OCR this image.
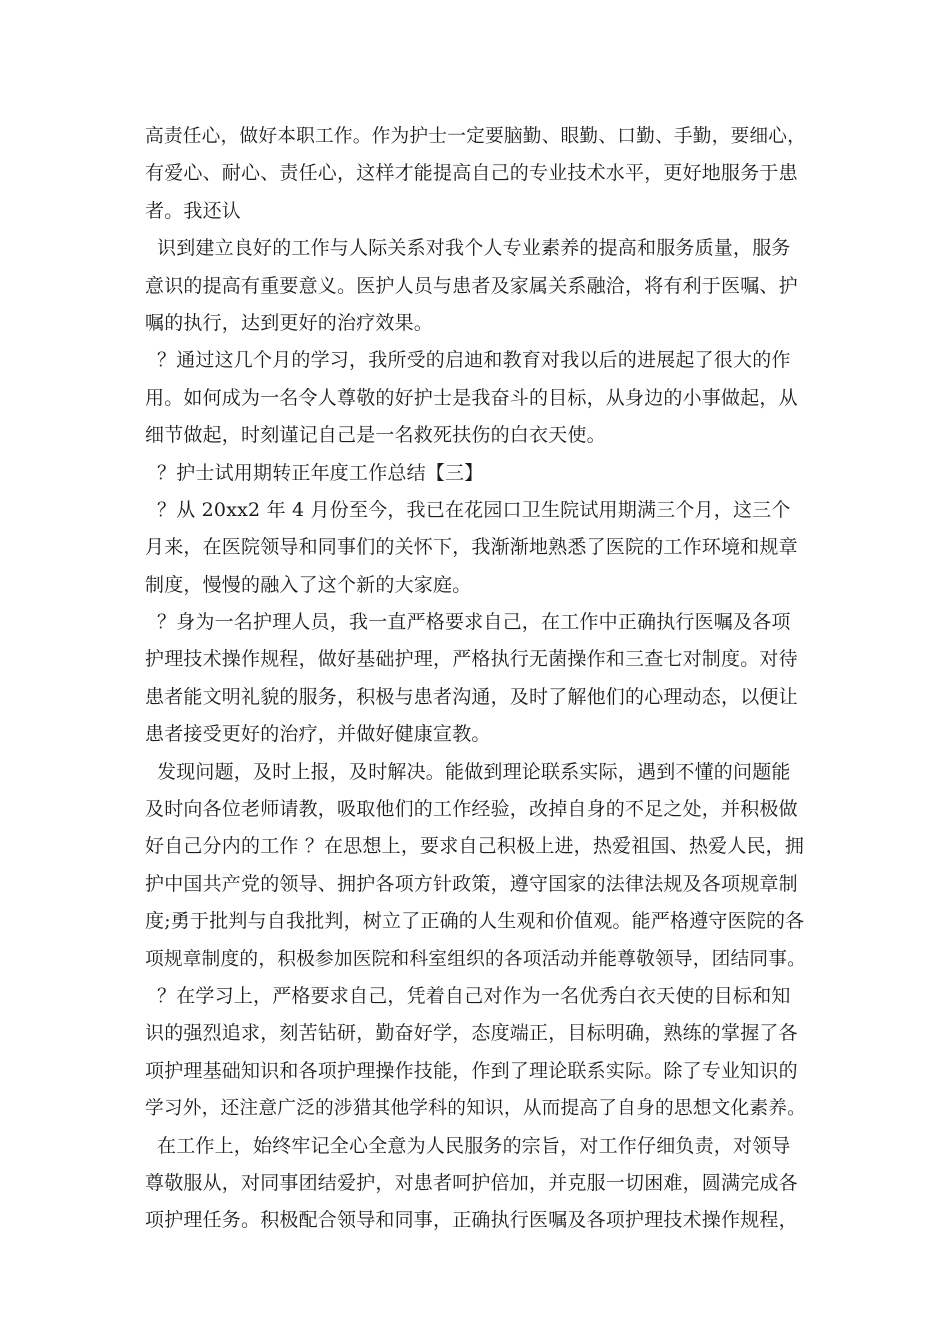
高责任心，做好本职工作。作为护士一定要脑勤、眼勤、口勤、手勤，要细心，
有爱心、耐心、责任心，这样才能提高自己的专业技术水平，更好地服务于患
者。我还认
识到建立良好的工作与人际关系对我个人专业素养的提高和服务质量，服务
意识的提高有重要意义。医护人员与患者及家属关系融洽，将有利于医嘱、护
嘱的执行，达到更好的治疗效果。
？通过这几个月的学习，我所受的启迪和教育对我以后的进展起了很大的作
用。如何成为一名令人尊敬的好护士是我奋斗的目标，从身边的小事做起，从
细节做起，时刻谨记自己是一名救死扶伤的白衣天使。
？护士试用期转正年度工作总结【三】
？从 20xx2 年 4 月份至今，我已在花园口卫生院试用期满三个月，这三个
月来，在医院领导和同事们的关怀下，我渐渐地熟悉了医院的工作环境和规章
制度，慢慢的融入了这个新的大家庭。
？身为一名护理人员，我一直严格要求自己，在工作中正确执行医嘱及各项
护理技术操作规程，做好基础护理，严格执行无菌操作和三查七对制度。对待
患者能文明礼貌的服务，积极与患者沟通，及时了解他们的心理动态，以便让
患者接受更好的治疗，并做好健康宣教。
发现问题，及时上报，及时解决。能做到理论联系实际，遇到不懂的问题能
及时向各位老师请教，吸取他们的工作经验，改掉自身的不足之处，并积极做
好自己分内的工作 ？在思想上，要求自己积极上进，热爱祖国、热爱人民，拥
护中国共产党的领导、拥护各项方针政策，遵守国家的法律法规及各项规章制
度;勇于批判与自我批判，树立了正确的人生观和价值观。能严格遵守医院的各
项规章制度的，积极参加医院和科室组织的各项活动并能尊敬领导，团结同事。
？在学习上，严格要求自己，凭着自己对作为一名优秀白衣天使的目标和知
识的强烈追求，刻苦钻研，勤奋好学，态度端正，目标明确，熟练的掌握了各
项护理基础知识和各项护理操作技能，作到了理论联系实际。除了专业知识的
学习外，还注意广泛的涉猎其他学科的知识，从而提高了自身的思想文化素养。
在工作上，始终牢记全心全意为人民服务的宗旨，对工作仔细负责，对领导
尊敬服从，对同事团结爱护，对患者呵护倍加，并克服一切困难，圆满完成各
项护理任务。积极配合领导和同事，正确执行医嘱及各项护理技术操作规程，
